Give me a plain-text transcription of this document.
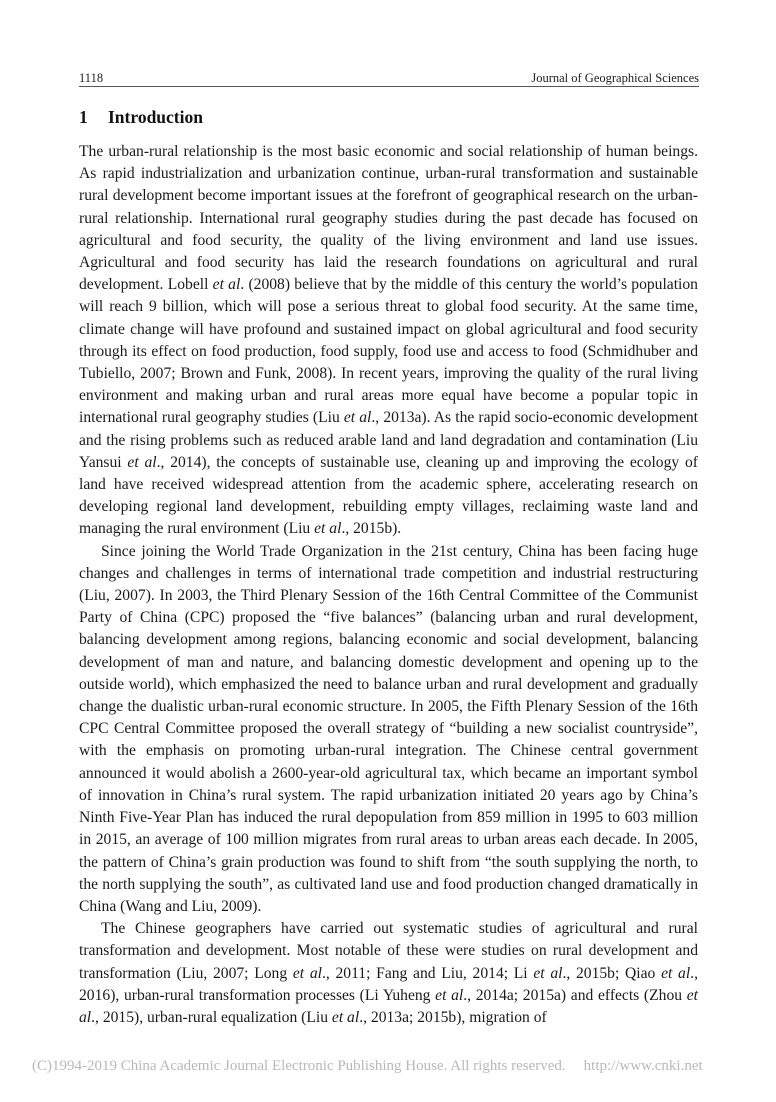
1118	Journal of Geographical Sciences
1 Introduction

The urban-rural relationship is the most basic economic and social relationship of human beings. As rapid industrialization and urbanization continue, urban-rural transformation and sustainable rural development become important issues at the forefront of geographical research on the urban-rural relationship. International rural geography studies during the past decade has focused on agricultural and food security, the quality of the living environment and land use issues. Agricultural and food security has laid the research foundations on agricultural and rural development. Lobell et al. (2008) believe that by the middle of this century the world’s population will reach 9 billion, which will pose a serious threat to global food security. At the same time, climate change will have profound and sustained impact on global agricultural and food security through its effect on food production, food supply, food use and access to food (Schmidhuber and Tubiello, 2007; Brown and Funk, 2008). In recent years, improving the quality of the rural living environment and making urban and rural areas more equal have become a popular topic in international rural geography studies (Liu et al., 2013a). As the rapid socio-economic development and the rising problems such as reduced arable land and land degradation and contamination (Liu Yansui et al., 2014), the concepts of sustainable use, cleaning up and improving the ecology of land have received widespread attention from the academic sphere, accelerating research on developing regional land development, rebuilding empty villages, reclaiming waste land and managing the rural environment (Liu et al., 2015b).

Since joining the World Trade Organization in the 21st century, China has been facing huge changes and challenges in terms of international trade competition and industrial restructuring (Liu, 2007). In 2003, the Third Plenary Session of the 16th Central Committee of the Communist Party of China (CPC) proposed the “five balances” (balancing urban and rural development, balancing development among regions, balancing economic and social development, balancing development of man and nature, and balancing domestic development and opening up to the outside world), which emphasized the need to balance urban and rural development and gradually change the dualistic urban-rural economic structure. In 2005, the Fifth Plenary Session of the 16th CPC Central Committee proposed the overall strategy of “building a new socialist countryside”, with the emphasis on promoting urban-rural integration. The Chinese central government announced it would abolish a 2600-year-old agricultural tax, which became an important symbol of innovation in China’s rural system. The rapid urbanization initiated 20 years ago by China’s Ninth Five-Year Plan has induced the rural depopulation from 859 million in 1995 to 603 million in 2015, an average of 100 million migrates from rural areas to urban areas each decade. In 2005, the pattern of China’s grain production was found to shift from “the south supplying the north, to the north supplying the south”, as cultivated land use and food production changed dramatically in China (Wang and Liu, 2009).

The Chinese geographers have carried out systematic studies of agricultural and rural transformation and development. Most notable of these were studies on rural development and transformation (Liu, 2007; Long et al., 2011; Fang and Liu, 2014; Li et al., 2015b; Qiao et al., 2016), urban-rural transformation processes (Li Yuheng et al., 2014a; 2015a) and effects (Zhou et al., 2015), urban-rural equalization (Liu et al., 2013a; 2015b), migration of

(C)1994-2019 China Academic Journal Electronic Publishing House. All rights reserved. http://www.cnki.net
